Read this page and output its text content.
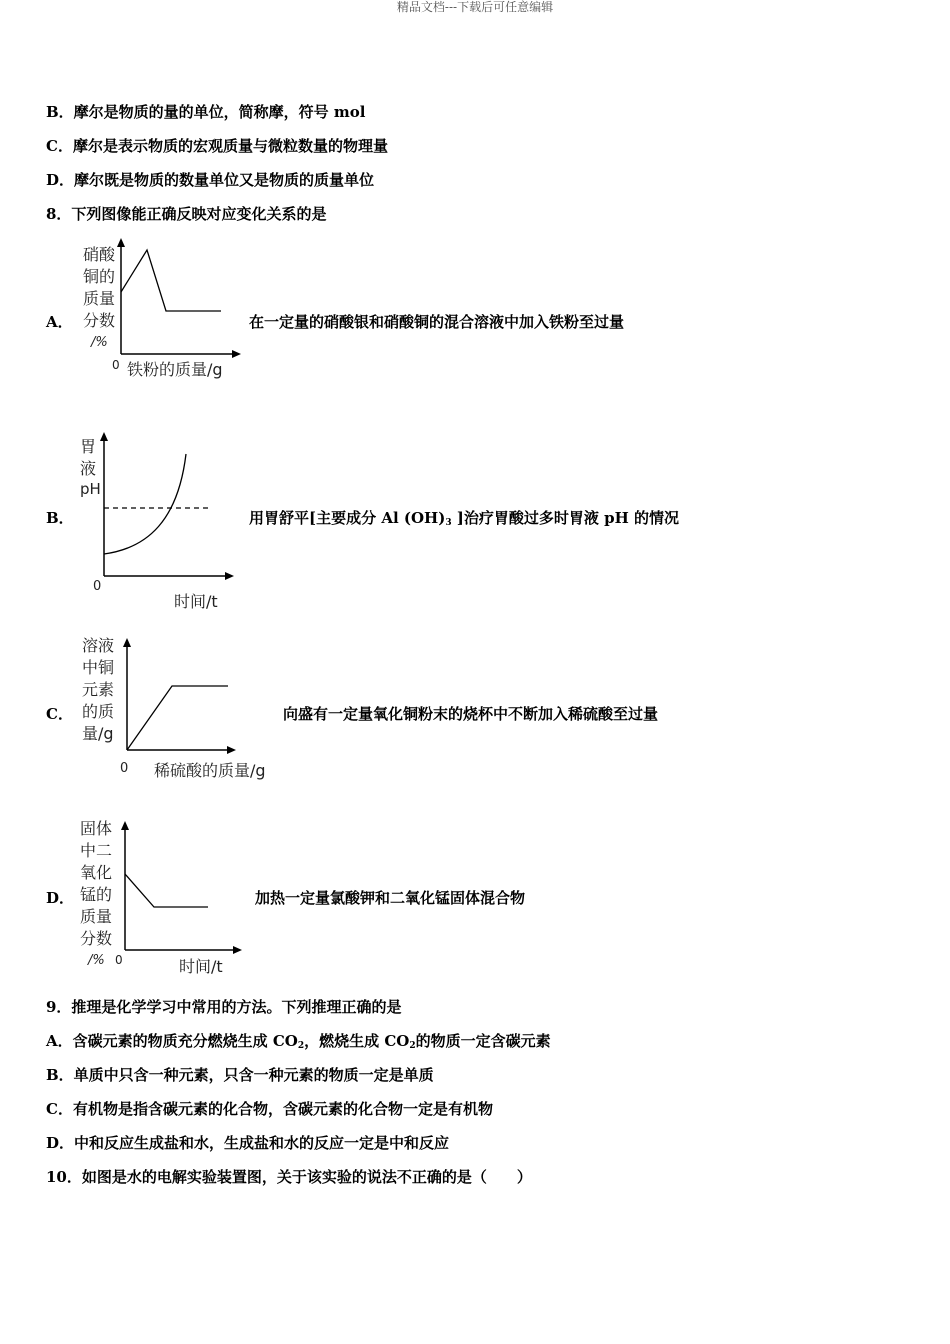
精品文档---下载后可任意编辑
B．摩尔是物质的量的单位，简称摩，符号 mol
C．摩尔是表示物质的宏观质量与微粒数量的物理量
D．摩尔既是物质的数量单位又是物质的质量单位
8．下列图像能正确反映对应变化关系的是
A．
硝酸
铜的
质量
分数
/%
0 铁粉的质量/g
在一定量的硝酸银和硝酸铜的混合溶液中加入铁粉至过量
B．
胃
液
pH
0
时间/t
用胃舒平[主要成分 Al $(OH)_3$ ]治疗胃酸过多时胃液 pH 的情况
C．
溶液
中铜
元素
的质
量/g
0 稀硫酸的质量/g
向盛有一定量氧化铜粉末的烧杯中不断加入稀硫酸至过量
D．
固体
中二
氧化
锰的
质量
分数
/% 0	时间/t
加热一定量氯酸钾和二氧化锰固体混合物
9．推理是化学学习中常用的方法。下列推理正确的是
A．含碳元素的物质充分燃烧生成 $CO_2$，燃烧生成 $CO_2$的物质一定含碳元素
B．单质中只含一种元素，只含一种元素的物质一定是单质
C．有机物是指含碳元素的化合物，含碳元素的化合物一定是有机物
D．中和反应生成盐和水，生成盐和水的反应一定是中和反应
10．如图是水的电解实验装置图，关于该实验的说法不正确的是（　　）
